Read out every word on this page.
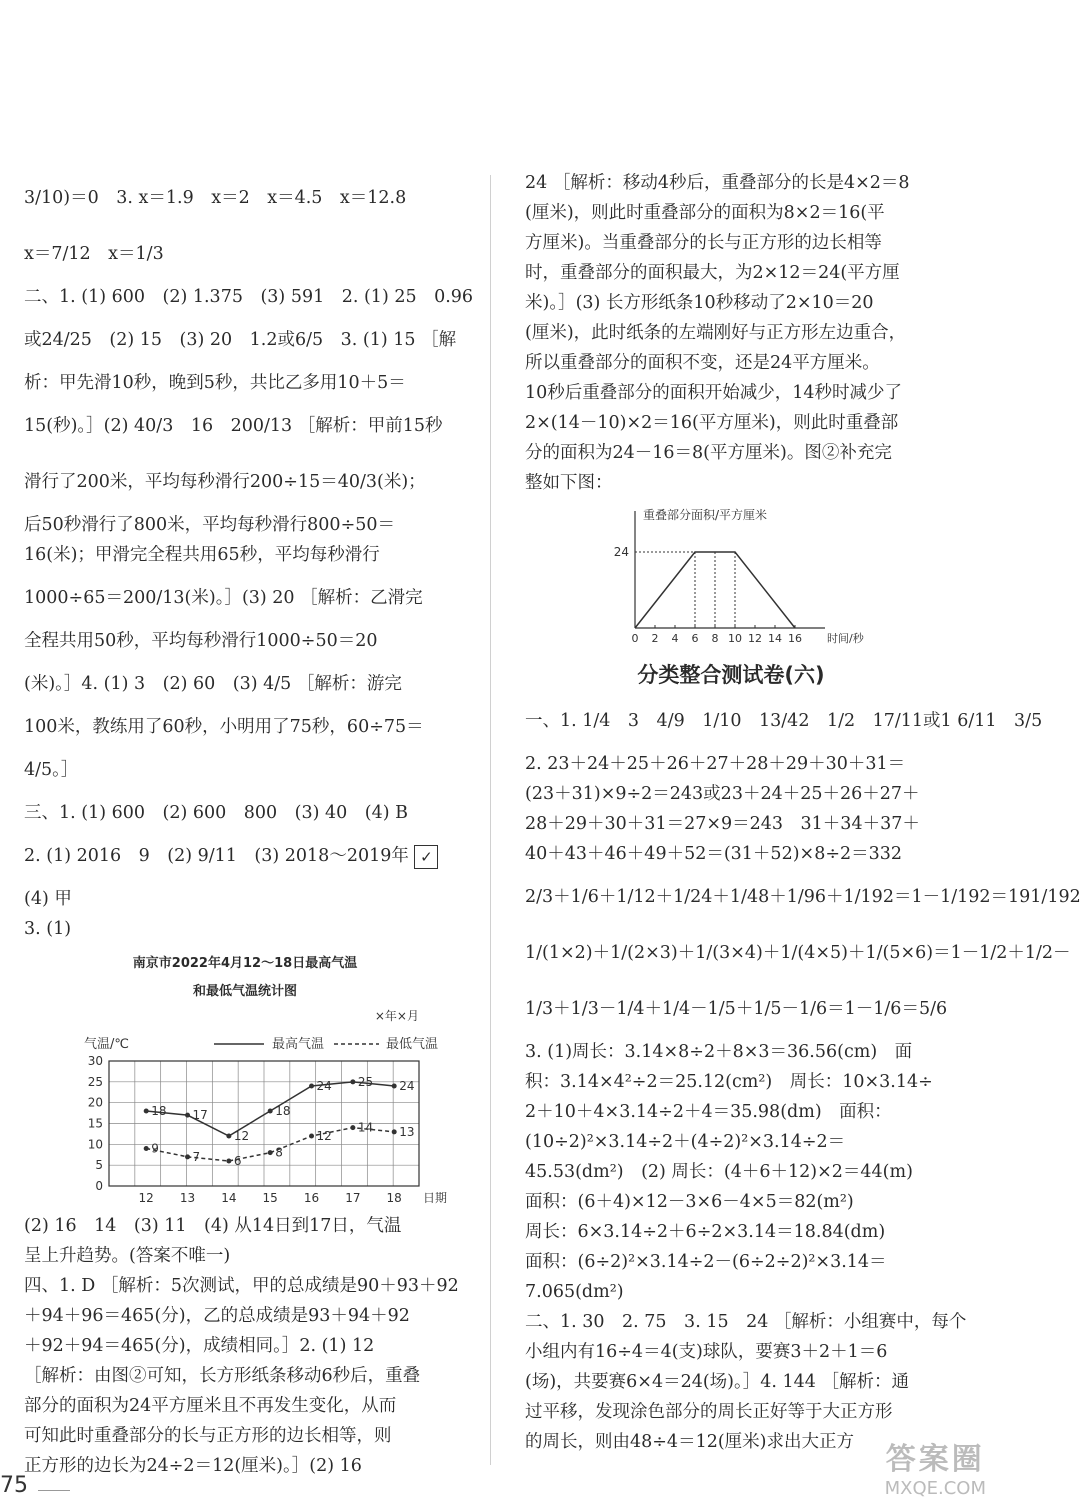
3/10)＝0　3. x＝1.9　x＝2　x＝4.5　x＝12.8
x＝7/12　x＝1/3
二、1. (1) 600　(2) 1.375　(3) 591　2. (1) 25　0.96
或24/25　(2) 15　(3) 20　1.2或6/5　3. (1) 15 ［解
析：甲先滑10秒，晚到5秒，共比乙多用10＋5＝
15(秒)。］(2) 40/3　16　200/13 ［解析：甲前15秒
滑行了200米，平均每秒滑行200÷15＝40/3(米)；
后50秒滑行了800米，平均每秒滑行800÷50＝
16(米)；甲滑完全程共用65秒，平均每秒滑行
1000÷65＝200/13(米)。］(3) 20 ［解析：乙滑完
全程共用50秒，平均每秒滑行1000÷50＝20
(米)。］4. (1) 3　(2) 60　(3) 4/5 ［解析：游完
100米，教练用了60秒，小明用了75秒，60÷75＝
4/5。］
三、1. (1) 600　(2) 600　800　(3) 40　(4) B
2. (1) 2016　9　(2) 9/11　(3) 2018～2019年 ✓
(4) 甲
3. (1)
南京市2022年4月12～18日最高气温
和最低气温统计图
×年×月
气温/℃	最高气温	最低气温
0
5
10
15
20
25
30
12 13 14 15 16 17 18 日期
18 17
12
18
24 25 24
9
7	6
8
12
14 13
(2) 16　14　(3) 11　(4) 从14日到17日，气温
呈上升趋势。(答案不唯一)
四、1. D ［解析：5次测试，甲的总成绩是90＋93＋92
＋94＋96＝465(分)，乙的总成绩是93＋94＋92
＋92＋94＝465(分)，成绩相同。］2. (1) 12
［解析：由图②可知，长方形纸条移动6秒后，重叠
部分的面积为24平方厘米且不再发生变化，从而
可知此时重叠部分的长与正方形的边长相等，则
正方形的边长为24÷2＝12(厘米)。］(2) 16
24 ［解析：移动4秒后，重叠部分的长是4×2＝8
(厘米)，则此时重叠部分的面积为8×2＝16(平
方厘米)。当重叠部分的长与正方形的边长相等
时，重叠部分的面积最大，为2×12＝24(平方厘
米)。］(3) 长方形纸条10秒移动了2×10＝20
(厘米)，此时纸条的左端刚好与正方形左边重合，
所以重叠部分的面积不变，还是24平方厘米。
10秒后重叠部分的面积开始减少，14秒时减少了
2×(14－10)×2＝16(平方厘米)，则此时重叠部
分的面积为24－16＝8(平方厘米)。图②补充完
整如下图：
重叠部分面积/平方厘米
0 2 4 6 8 10 12 14 16 时间/秒
24
分类整合测试卷(六)
一、1. 1/4　3　4/9　1/10　13/42　1/2　17/11或1 6/11　3/5
2. 23＋24＋25＋26＋27＋28＋29＋30＋31＝
(23＋31)×9÷2＝243或23＋24＋25＋26＋27＋
28＋29＋30＋31＝27×9＝243　31＋34＋37＋
40＋43＋46＋49＋52＝(31＋52)×8÷2＝332
2/3＋1/6＋1/12＋1/24＋1/48＋1/96＋1/192＝1－1/192＝191/192
1/(1×2)＋1/(2×3)＋1/(3×4)＋1/(4×5)＋1/(5×6)＝1－1/2＋1/2－
1/3＋1/3－1/4＋1/4－1/5＋1/5－1/6＝1－1/6＝5/6
3. (1)周长：3.14×8÷2＋8×3＝36.56(cm)　面
积：3.14×4²÷2＝25.12(cm²)　周长：10×3.14÷
2＋10＋4×3.14÷2＋4＝35.98(dm)　面积：
(10÷2)²×3.14÷2＋(4÷2)²×3.14÷2＝
45.53(dm²)　(2) 周长：(4＋6＋12)×2＝44(m)
面积：(6＋4)×12－3×6－4×5＝82(m²)
周长：6×3.14÷2＋6÷2×3.14＝18.84(dm)
面积：(6÷2)²×3.14÷2－(6÷2÷2)²×3.14＝
7.065(dm²)
二、1. 30　2. 75　3. 15　24 ［解析：小组赛中，每个
小组内有16÷4＝4(支)球队，要赛3＋2＋1＝6
(场)，共要赛6×4＝24(场)。］4. 144 ［解析：通
过平移，发现涂色部分的周长正好等于大正方形
的周长，则由48÷4＝12(厘米)求出大正方
75
答案圈
MXQE.COM
